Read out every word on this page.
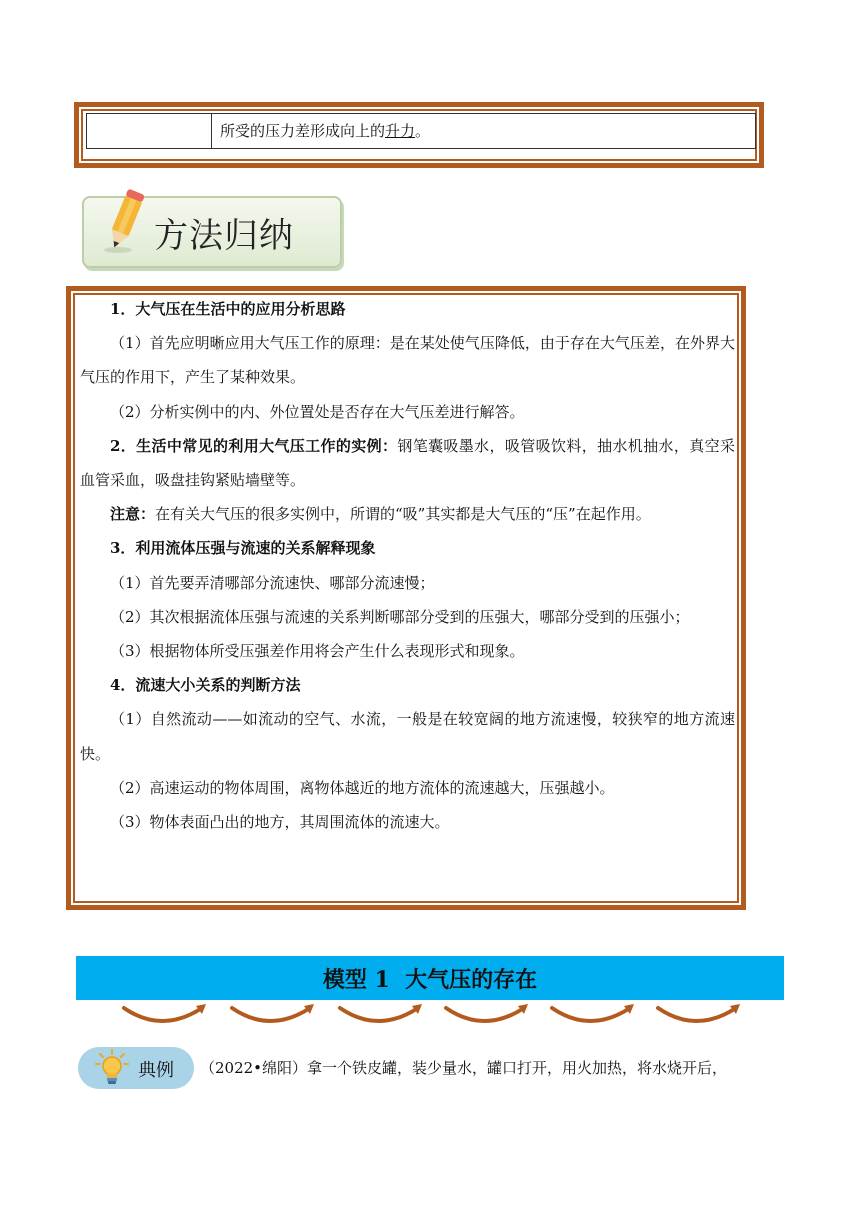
所受的压力差形成向上的升力。
方法归纳

1．大气压在生活中的应用分析思路

（1）首先应明晰应用大气压工作的原理：是在某处使气压降低，由于存在大气压差，在外界大气压的作用下，产生了某种效果。

（2）分析实例中的内、外位置处是否存在大气压差进行解答。

2．生活中常见的利用大气压工作的实例：钢笔囊吸墨水，吸管吸饮料，抽水机抽水，真空采血管采血，吸盘挂钩紧贴墙壁等。

注意：在有关大气压的很多实例中，所谓的“吸”其实都是大气压的“压”在起作用。

3．利用流体压强与流速的关系解释现象

（1）首先要弄清哪部分流速快、哪部分流速慢；

（2）其次根据流体压强与流速的关系判断哪部分受到的压强大，哪部分受到的压强小；

（3）根据物体所受压强差作用将会产生什么表现形式和现象。

4．流速大小关系的判断方法

（1）自然流动——如流动的空气、水流，一般是在较宽阔的地方流速慢，较狭窄的地方流速快。

（2）高速运动的物体周围，离物体越近的地方流体的流速越大，压强越小。

（3）物体表面凸出的地方，其周围流体的流速大。

模型 1  大气压的存在
典例 （2022•绵阳）拿一个铁皮罐，装少量水，罐口打开，用火加热，将水烧开后，
